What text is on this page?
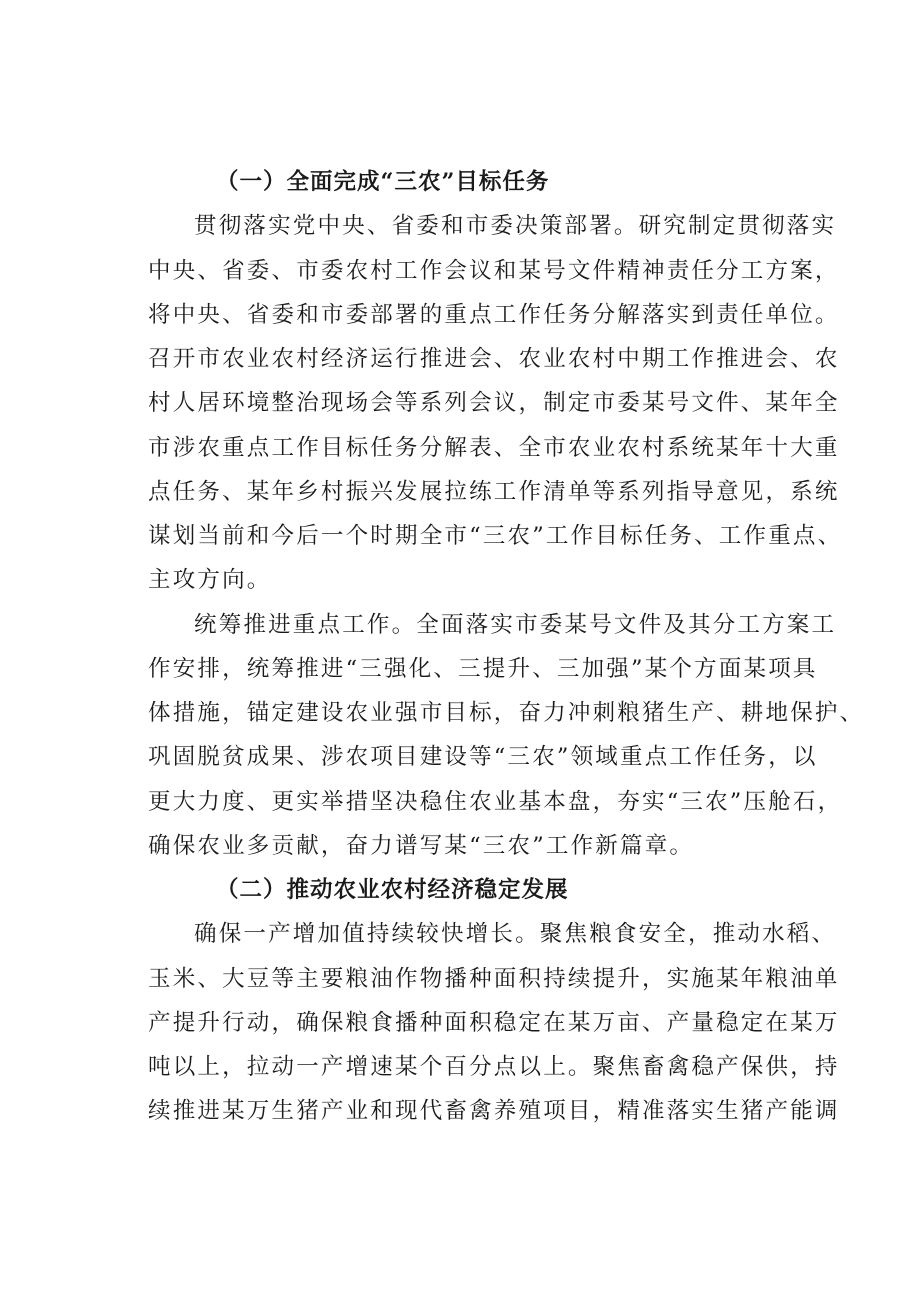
（一）全面完成“三农”目标任务
贯彻落实党中央、省委和市委决策部署。研究制定贯彻落实
中央、省委、市委农村工作会议和某号文件精神责任分工方案，
将中央、省委和市委部署的重点工作任务分解落实到责任单位。
召开市农业农村经济运行推进会、农业农村中期工作推进会、农
村人居环境整治现场会等系列会议，制定市委某号文件、某年全
市涉农重点工作目标任务分解表、全市农业农村系统某年十大重
点任务、某年乡村振兴发展拉练工作清单等系列指导意见，系统
谋划当前和今后一个时期全市“三农”工作目标任务、工作重点、
主攻方向。
统筹推进重点工作。全面落实市委某号文件及其分工方案工
作安排，统筹推进“三强化、三提升、三加强”某个方面某项具
体措施，锚定建设农业强市目标，奋力冲刺粮猪生产、耕地保护、
巩固脱贫成果、涉农项目建设等“三农”领域重点工作任务，以
更大力度、更实举措坚决稳住农业基本盘，夯实“三农”压舱石，
确保农业多贡献，奋力谱写某“三农”工作新篇章。
（二）推动农业农村经济稳定发展
确保一产增加值持续较快增长。聚焦粮食安全，推动水稻、
玉米、大豆等主要粮油作物播种面积持续提升，实施某年粮油单
产提升行动，确保粮食播种面积稳定在某万亩、产量稳定在某万
吨以上，拉动一产增速某个百分点以上。聚焦畜禽稳产保供，持
续推进某万生猪产业和现代畜禽养殖项目，精准落实生猪产能调
